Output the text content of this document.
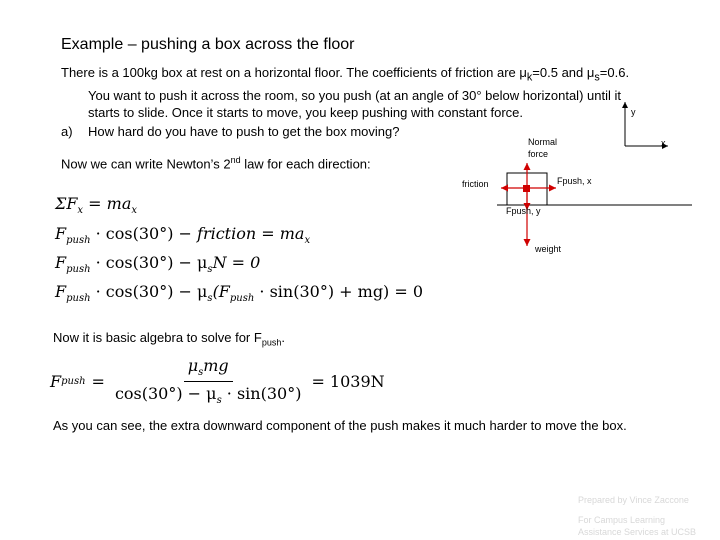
Example – pushing a box across the floor
There is a 100kg box at rest on a horizontal floor. The coefficients of friction are $\mu_k=0.5$ and $\mu_s=0.6$.
You want to push it across the room, so you push (at an angle of 30° below horizontal) until it
starts to slide. Once it starts to move, you keep pushing with constant force.
a) How hard do you have to push to get the box moving?
Now we can write Newton’s 2nd law for each direction:
$\Sigma F_x = ma_x$
$F_{push} \cdot \cos(30^\circ)$ − friction = $ma_x$
$F_{push} \cdot \cos(30^\circ) - \mu_sN = 0$
$F_{push} \cdot \cos(30^\circ) - \mu_s(F_{push} \cdot \sin(30^\circ) + mg) = 0$
Now it is basic algebra to solve for $F_{push}$.
F push = $\frac{\mu_smg}{\cos(30^\circ) - \mu_s \cdot \sin(30^\circ)} = 1039N$
As you can see, the extra downward component of the push makes it much harder to move the box.
y
x
Normal
force
friction	Fpush, x
Fpush, y
weight
Prepared by Vince Zaccone
For Campus Learning
Assistance Services at UCSB
